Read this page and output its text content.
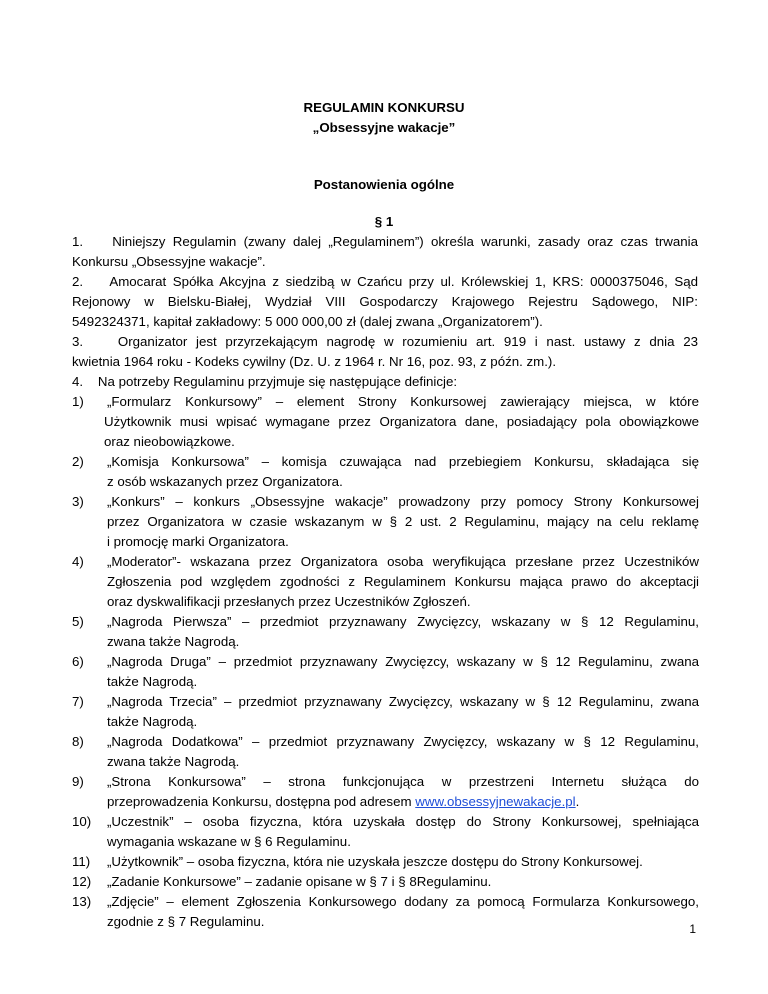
REGULAMIN KONKURSU
„Obsessyjne wakacje”
Postanowienia ogólne
§ 1
1. Niniejszy Regulamin (zwany dalej „Regulaminem”) określa warunki, zasady oraz czas trwania
Konkursu „Obsessyjne wakacje”.
2. Amocarat Spółka Akcyjna z siedzibą w Czańcu przy ul. Królewskiej 1, KRS: 0000375046, Sąd
Rejonowy w Bielsku-Białej, Wydział VIII Gospodarczy Krajowego Rejestru Sądowego, NIP:
5492324371, kapitał zakładowy: 5 000 000,00 zł (dalej zwana „Organizatorem”).
3.	Organizator jest przyrzekającym nagrodę w rozumieniu art. 919 i nast. ustawy z dnia 23
kwietnia 1964 roku - Kodeks cywilny (Dz. U. z 1964 r. Nr 16, poz. 93, z późn. zm.).
4. Na potrzeby Regulaminu przyjmuje się następujące definicje:
1)	„Formularz Konkursowy” – element Strony Konkursowej zawierający miejsca, w które
Użytkownik musi wpisać wymagane przez Organizatora dane, posiadający pola obowiązkowe
oraz nieobowiązkowe.
2)	„Komisja Konkursowa” – komisja czuwająca nad przebiegiem Konkursu, składająca się
z osób wskazanych przez Organizatora.
3)	„Konkurs” – konkurs „Obsessyjne wakacje” prowadzony przy pomocy Strony Konkursowej
przez Organizatora w czasie wskazanym w § 2 ust. 2 Regulaminu, mający na celu reklamę
i promocję marki Organizatora.
4)	„Moderator”- wskazana przez Organizatora osoba weryfikująca przesłane przez Uczestników
Zgłoszenia pod względem zgodności z Regulaminem Konkursu mająca prawo do akceptacji
oraz dyskwalifikacji przesłanych przez Uczestników Zgłoszeń.
5)	„Nagroda Pierwsza” – przedmiot przyznawany Zwycięzcy, wskazany w § 12 Regulaminu,
zwana także Nagrodą.
6)	„Nagroda Druga” – przedmiot przyznawany Zwycięzcy, wskazany w § 12 Regulaminu, zwana
także Nagrodą.
7)	„Nagroda Trzecia” – przedmiot przyznawany Zwycięzcy, wskazany w § 12 Regulaminu, zwana
także Nagrodą.
8)	„Nagroda Dodatkowa” – przedmiot przyznawany Zwycięzcy, wskazany w § 12 Regulaminu,
zwana także Nagrodą.
9)	„Strona Konkursowa” – strona funkcjonująca w przestrzeni Internetu służąca do
przeprowadzenia Konkursu, dostępna pod adresem www.obsessyjnewakacje.pl.
10)	„Uczestnik” – osoba fizyczna, która uzyskała dostęp do Strony Konkursowej, spełniająca
wymagania wskazane w § 6 Regulaminu.
11)	„Użytkownik” – osoba fizyczna, która nie uzyskała jeszcze dostępu do Strony Konkursowej.
12)	„Zadanie Konkursowe” – zadanie opisane w § 7 i § 8Regulaminu.
13)	„Zdjęcie” – element Zgłoszenia Konkursowego dodany za pomocą Formularza Konkursowego,
zgodnie z § 7 Regulaminu.	1
